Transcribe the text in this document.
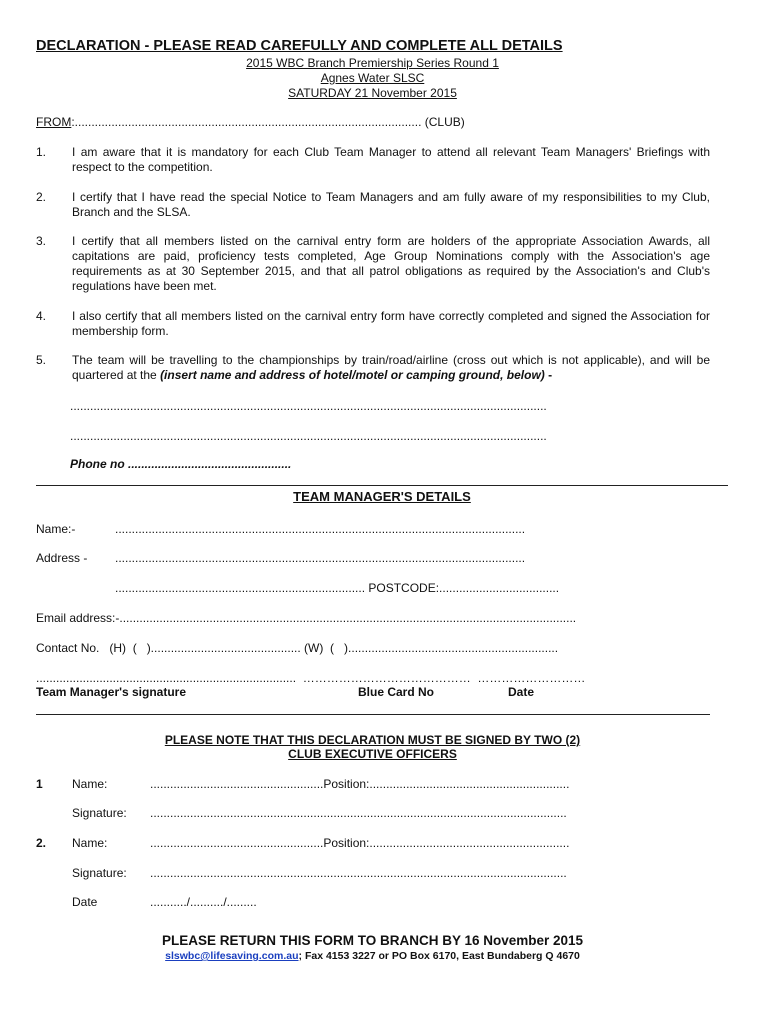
DECLARATION - PLEASE READ CAREFULLY AND COMPLETE ALL DETAILS
2015 WBC Branch Premiership Series Round 1
Agnes Water SLSC
SATURDAY 21 November 2015
FROM:........................................................................................................ (CLUB)
1. I am aware that it is mandatory for each Club Team Manager to attend all relevant Team Managers' Briefings with respect to the competition.
2. I certify that I have read the special Notice to Team Managers and am fully aware of my responsibilities to my Club, Branch and the SLSA.
3. I certify that all members listed on the carnival entry form are holders of the appropriate Association Awards, all capitations are paid, proficiency tests completed, Age Group Nominations comply with the Association's age requirements as at 30 September 2015, and that all patrol obligations as required by the Association's and Club's regulations have been met.
4. I also certify that all members listed on the carnival entry form have correctly completed and signed the Association for membership form.
5. The team will be travelling to the championships by train/road/airline (cross out which is not applicable), and will be quartered at the (insert name and address of hotel/motel or camping ground, below) -
...............................................................................................................................................
...............................................................................................................................................
Phone no .................................................
TEAM MANAGER'S DETAILS
Name:-	...........................................................................................................................
Address - ...........................................................................................................................
........................................................................... POSTCODE:....................................
Email address:-.........................................................................................................................................
Contact No.   (H)  (   )............................................. (W)  (   )...............................................................
..............................................................................  ……………………………………  ………………………
Team Manager's signature	Blue Card No	Date
PLEASE NOTE THAT THIS DECLARATION MUST BE SIGNED BY TWO (2)
CLUB EXECUTIVE OFFICERS
1 Name:	....................................................Position:............................................................
Signature: .............................................................................................................................
2. Name:	....................................................Position:............................................................
Signature: .............................................................................................................................
Date	.........../........../.........
PLEASE RETURN THIS FORM TO BRANCH BY 16 November 2015
slswbc@lifesaving.com.au; Fax 4153 3227 or PO Box 6170, East Bundaberg Q 4670
